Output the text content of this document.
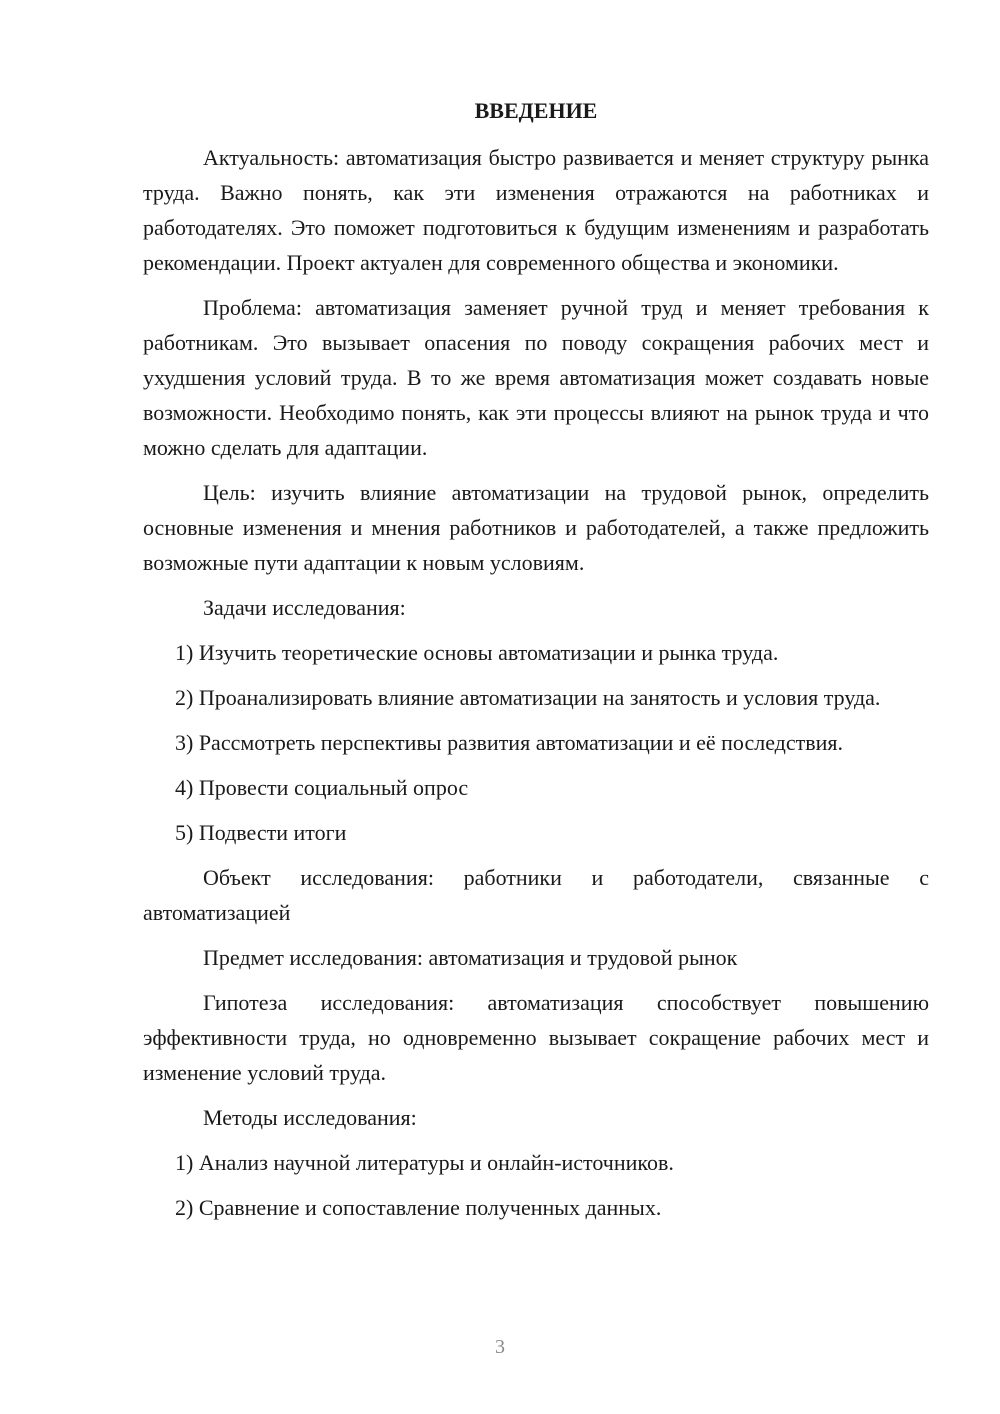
ВВЕДЕНИЕ

Актуальность: автоматизация быстро развивается и меняет структуру рынка труда. Важно понять, как эти изменения отражаются на работниках и работодателях. Это поможет подготовиться к будущим изменениям и разработать рекомендации. Проект актуален для современного общества и экономики.

Проблема: автоматизация заменяет ручной труд и меняет требования к работникам. Это вызывает опасения по поводу сокращения рабочих мест и ухудшения условий труда. В то же время автоматизация может создавать новые возможности. Необходимо понять, как эти процессы влияют на рынок труда и что можно сделать для адаптации.

Цель: изучить влияние автоматизации на трудовой рынок, определить основные изменения и мнения работников и работодателей, а также предложить возможные пути адаптации к новым условиям.

Задачи исследования:

1) Изучить теоретические основы автоматизации и рынка труда.

2) Проанализировать влияние автоматизации на занятость и условия труда.

3) Рассмотреть перспективы развития автоматизации и её последствия.

4) Провести социальный опрос

5) Подвести итоги

Объект исследования: работники и работодатели, связанные с автоматизацией

Предмет исследования: автоматизация и трудовой рынок

Гипотеза исследования: автоматизация способствует повышению эффективности труда, но одновременно вызывает сокращение рабочих мест и изменение условий труда.

Методы исследования:

1) Анализ научной литературы и онлайн-источников.

2) Сравнение и сопоставление полученных данных.

3
